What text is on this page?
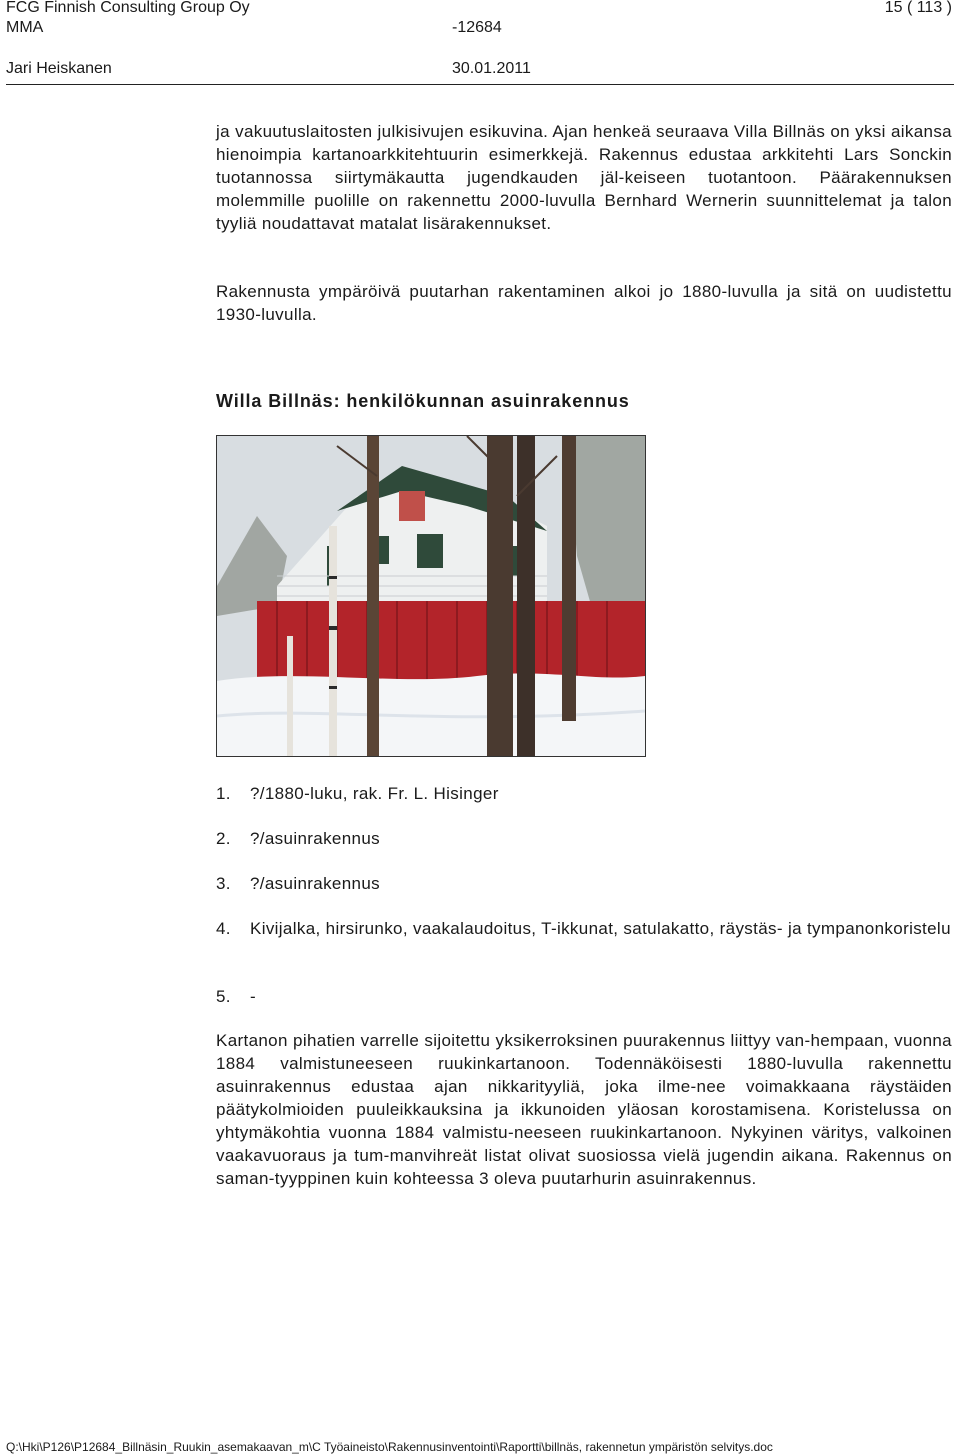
FCG Finnish Consulting Group Oy	15 ( 113 )
MMA	-12684
Jari Heiskanen	30.01.2011

ja vakuutuslaitosten julkisivujen esikuvina. Ajan henkeä seuraava Villa Billnäs on yksi aikansa hienoimpia kartanoarkkitehtuurin esimerkkejä. Rakennus edustaa arkkitehti Lars Sonckin tuotannossa siirtymäkautta jugendkauden jäl-keiseen tuotantoon. Päärakennuksen molemmille puolille on rakennettu 2000-luvulla Bernhard Wernerin suunnittelemat ja talon tyyliä noudattavat matalat lisärakennukset.

Rakennusta ympäröivä puutarhan rakentaminen alkoi jo 1880-luvulla ja sitä on uudistettu 1930-luvulla.

Willa Billnäs: henkilökunnan asuinrakennus
1. ?/1880-luku, rak. Fr. L. Hisinger
2. ?/asuinrakennus
3. ?/asuinrakennus
4. Kivijalka, hirsirunko, vaakalaudoitus, T-ikkunat, satulakatto, räystäs- ja tympanonkoristelu
5. -

Kartanon pihatien varrelle sijoitettu yksikerroksinen puurakennus liittyy van-hempaan, vuonna 1884 valmistuneeseen ruukinkartanoon. Todennäköisesti 1880-luvulla rakennettu asuinrakennus edustaa ajan nikkarityyliä, joka ilme-nee voimakkaana räystäiden päätykolmioiden puuleikkauksina ja ikkunoiden yläosan korostamisena. Koristelussa on yhtymäkohtia vuonna 1884 valmistu-neeseen ruukinkartanoon. Nykyinen väritys, valkoinen vaakavuoraus ja tum-manvihreät listat olivat suosiossa vielä jugendin aikana. Rakennus on saman-tyyppinen kuin kohteessa 3 oleva puutarhurin asuinrakennus.

Q:\Hki\P126\P12684_Billnäsin_Ruukin_asemakaavan_m\C Työaineisto\Rakennusinventointi\Raportti\billnäs, rakennetun ympäristön selvitys.doc
